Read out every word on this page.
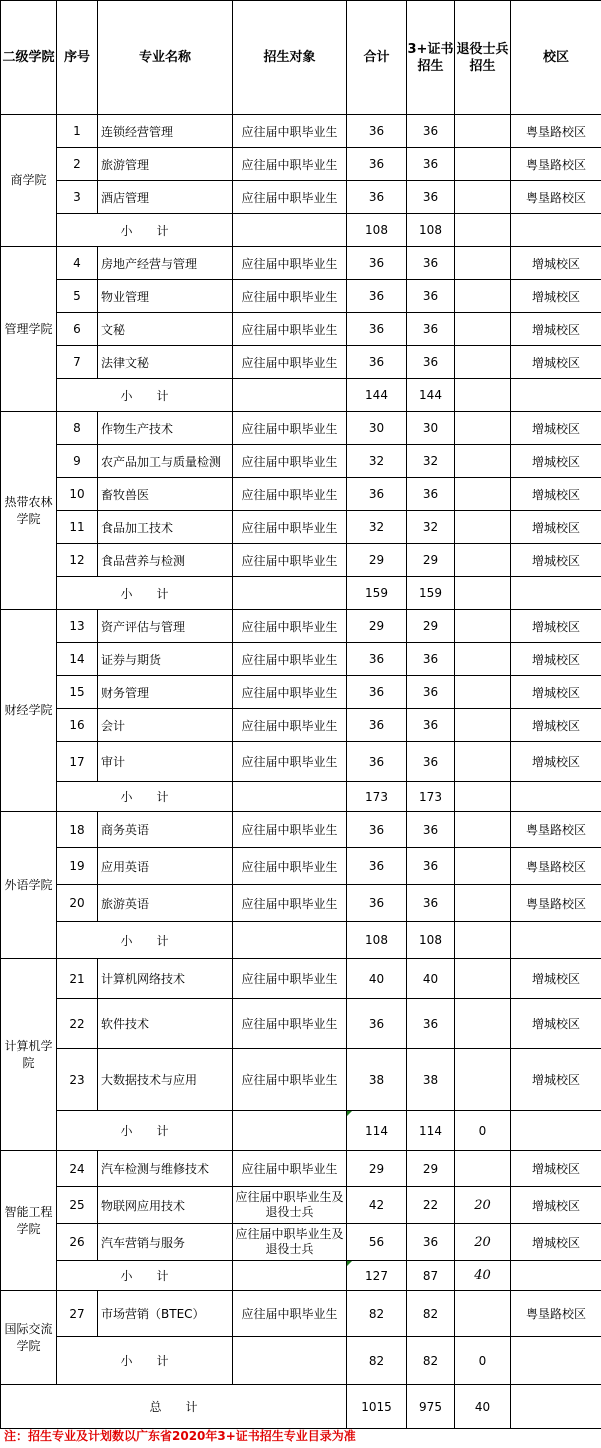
二级学院	序号	专业名称	招生对象	合计	3+证书招生	退役士兵招生	校区
商学院	1	连锁经营管理	应往届中职毕业生	36	36		粤垦路校区
	2	旅游管理	应往届中职毕业生	36	36		粤垦路校区
	3	酒店管理	应往届中职毕业生	36	36		粤垦路校区
	小　　计			108	108		
管理学院	4	房地产经营与管理	应往届中职毕业生	36	36		增城校区
	5	物业管理	应往届中职毕业生	36	36		增城校区
	6	文秘	应往届中职毕业生	36	36		增城校区
	7	法律文秘	应往届中职毕业生	36	36		增城校区
	小　　计			144	144		
热带农林学院	8	作物生产技术	应往届中职毕业生	30	30		增城校区
	9	农产品加工与质量检测	应往届中职毕业生	32	32		增城校区
	10	畜牧兽医	应往届中职毕业生	36	36		增城校区
	11	食品加工技术	应往届中职毕业生	32	32		增城校区
	12	食品营养与检测	应往届中职毕业生	29	29		增城校区
	小　　计			159	159		
财经学院	13	资产评估与管理	应往届中职毕业生	29	29		增城校区
	14	证券与期货	应往届中职毕业生	36	36		增城校区
	15	财务管理	应往届中职毕业生	36	36		增城校区
	16	会计	应往届中职毕业生	36	36		增城校区
	17	审计	应往届中职毕业生	36	36		增城校区
	小　　计			173	173		
外语学院	18	商务英语	应往届中职毕业生	36	36		粤垦路校区
	19	应用英语	应往届中职毕业生	36	36		粤垦路校区
	20	旅游英语	应往届中职毕业生	36	36		粤垦路校区
	小　　计			108	108		
计算机学院	21	计算机网络技术	应往届中职毕业生	40	40		增城校区
	22	软件技术	应往届中职毕业生	36	36		增城校区
	23	大数据技术与应用	应往届中职毕业生	38	38		增城校区
	小　　计			114	114	0	
智能工程学院	24	汽车检测与维修技术	应往届中职毕业生	29	29		增城校区
	25	物联网应用技术	应往届中职毕业生及退役士兵	42	22	20	增城校区
	26	汽车营销与服务	应往届中职毕业生及退役士兵	56	36	20	增城校区
	小　　计			127	87	40	
国际交流学院	27	市场营销（BTEC）	应往届中职毕业生	82	82		粤垦路校区
	小　　计			82	82	0	
总　　计				1015	975	40	
注：招生专业及计划数以广东省2020年3+证书招生专业目录为准
